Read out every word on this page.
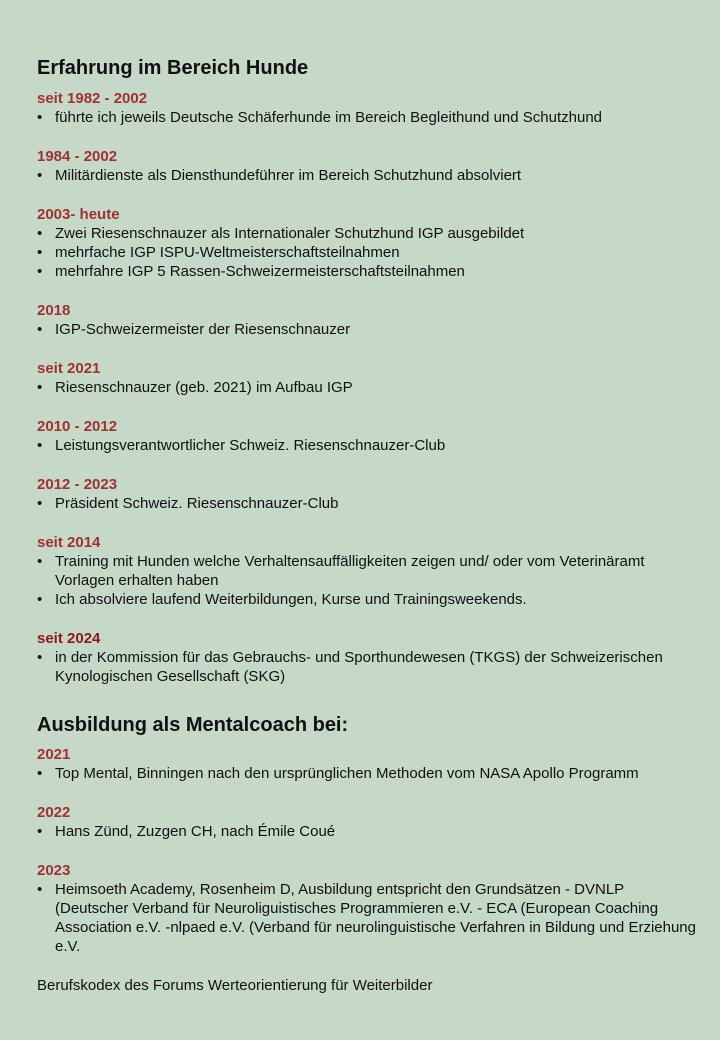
Erfahrung im Bereich Hunde
seit 1982 - 2002
• führte ich jeweils Deutsche Schäferhunde im Bereich Begleithund und Schutzhund
1984 - 2002
• Militärdienste als Diensthundeführer im Bereich Schutzhund absolviert
2003- heute
• Zwei Riesenschnauzer als Internationaler Schutzhund IGP ausgebildet
• mehrfache IGP ISPU-Weltmeisterschaftsteilnahmen
• mehrfahre IGP 5 Rassen-Schweizermeisterschaftsteilnahmen
2018
• IGP-Schweizermeister der Riesenschnauzer
seit 2021
• Riesenschnauzer (geb. 2021) im Aufbau IGP
2010 - 2012
• Leistungsverantwortlicher Schweiz. Riesenschnauzer-Club
2012 - 2023
• Präsident Schweiz. Riesenschnauzer-Club
seit 2014
• Training mit Hunden welche Verhaltensauffälligkeiten zeigen und/ oder vom Veterinäramt Vorlagen erhalten haben
• Ich absolviere laufend Weiterbildungen, Kurse und Trainingsweekends.
seit 2024
• in der Kommission für das Gebrauchs- und Sporthundewesen (TKGS) der Schweizerischen Kynologischen Gesellschaft (SKG)
Ausbildung als Mentalcoach bei:
2021
• Top Mental, Binningen nach den ursprünglichen Methoden vom NASA Apollo Programm
2022
• Hans Zünd, Zuzgen CH, nach Émile Coué
2023
• Heimsoeth Academy, Rosenheim D, Ausbildung entspricht den Grundsätzen - DVNLP (Deutscher Verband für Neuroliguistisches Programmieren e.V. - ECA (European Coaching Association e.V. -nlpaed e.V. (Verband für neurolinguistische Verfahren in Bildung und Erziehung e.V.
Berufskodex des Forums Werteorientierung für Weiterbilder
